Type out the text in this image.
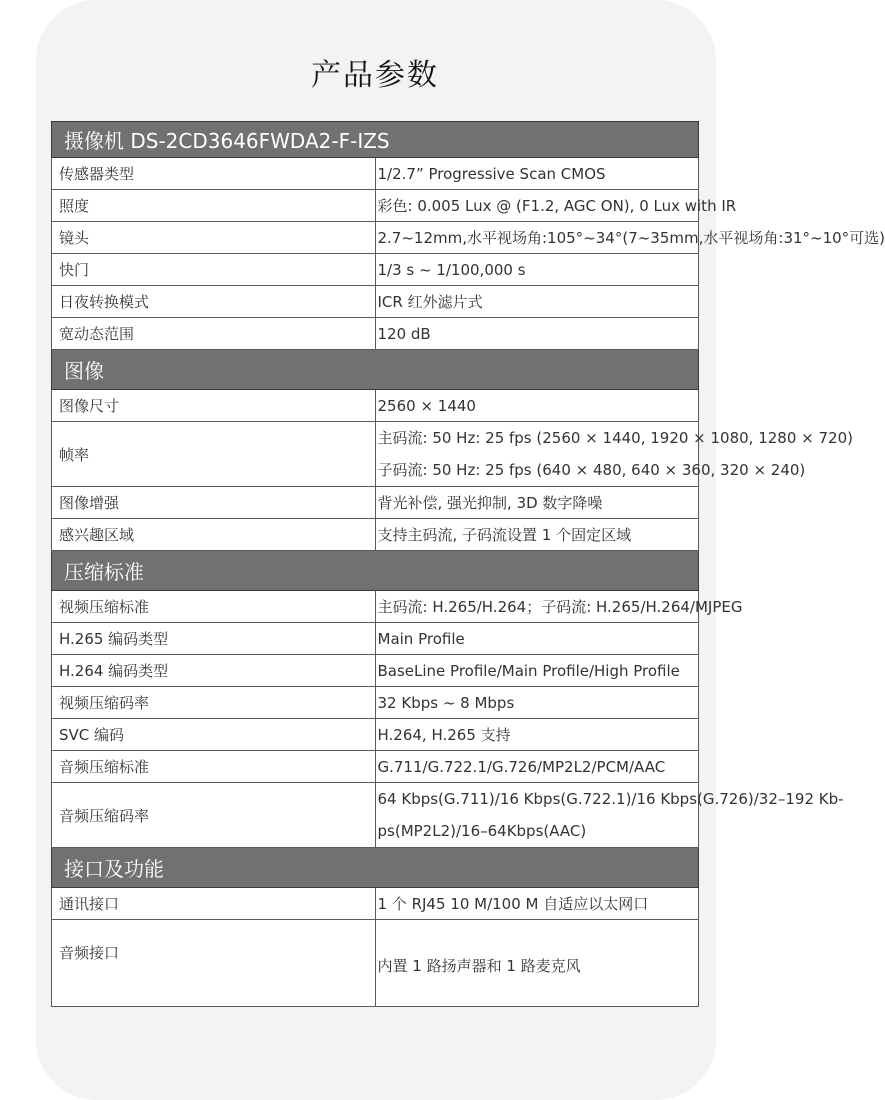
产品参数
摄像机 DS-2CD3646FWDA2-F-IZS	
传感器类型	1/2.7” Progressive Scan CMOS

照度	彩色: 0.005 Lux @ (F1.2, AGC ON), 0 Lux with IR

镜头	2.7~12mm,水平视场角:105°~34°(7~35mm,水平视场角:31°~10°可选)

快门	1/3 s ~ 1/100,000 s

日夜转换模式	ICR 红外滤片式

宽动态范围	120 dB

图像	
图像尺寸	2560 × 1440

帧率	主码流: 50 Hz: 25 fps (2560 × 1440, 1920 × 1080, 1280 × 720)
子码流: 50 Hz: 25 fps (640 × 480, 640 × 360, 320 × 240)

图像增强	背光补偿, 强光抑制, 3D 数字降噪

感兴趣区域	支持主码流, 子码流设置 1 个固定区域

压缩标准	
视频压缩标准	主码流: H.265/H.264；子码流: H.265/H.264/MJPEG

H.265 编码类型	Main Profile

H.264 编码类型	BaseLine Profile/Main Profile/High Profile

视频压缩码率	32 Kbps ~ 8 Mbps

SVC 编码	H.264, H.265 支持

音频压缩标准	G.711/G.722.1/G.726/MP2L2/PCM/AAC

音频压缩码率	64 Kbps(G.711)/16 Kbps(G.722.1)/16 Kbps(G.726)/32–192 Kb-
ps(MP2L2)/16–64Kbps(AAC)

接口及功能	
通讯接口	1 个 RJ45 10 M/100 M 自适应以太网口

音频接口	内置 1 路扬声器和 1 路麦克风
